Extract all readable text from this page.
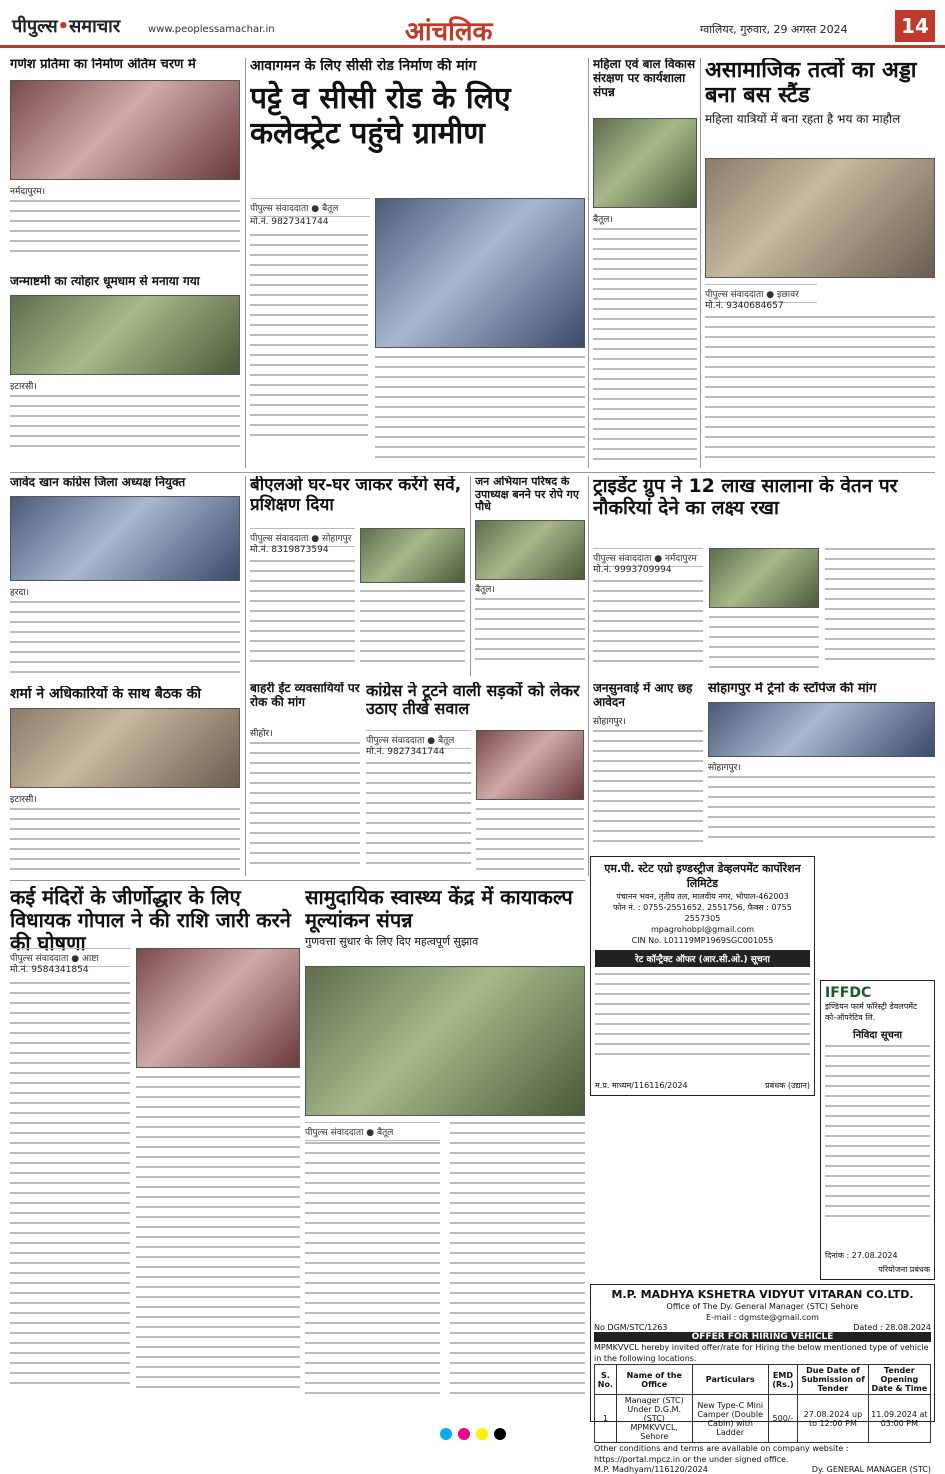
पीपुल्स•समाचार	www.peoplessamachar.in	आंचलिक	ग्वालियर, गुरुवार, 29 अगस्त 2024	14
गणेश प्रतिमा का निर्माण अंतिम चरण में
नर्मदापुरम।
जन्माष्टमी का त्योहार धूमधाम से मनाया गया
इटारसी।
आवागमन के लिए सीसी रोड निर्माण की मांग
पट्टे व सीसी रोड के लिए कलेक्ट्रेट पहुंचे ग्रामीण
पीपुल्स संवाददाता ● बैतूल
मो.नं. 9827341744
महिला एवं बाल विकास संरक्षण पर कार्यशाला संपन्न
बैतूल।
असामाजिक तत्वों का अड्डा बना बस स्टैंड
महिला यात्रियों में बना रहता है भय का माहौल
पीपुल्स संवाददाता ● इछावर
मो.नं. 9340684657
जावेद खान कांग्रेस जिला अध्यक्ष नियुक्त
हरदा।
शर्मा ने अधिकारियों के साथ बैठक की
इटारसी।
बीएलओ घर-घर जाकर करेंगे सर्वे, प्रशिक्षण दिया
पीपुल्स संवाददाता ● सोहागपुर
मो.नं. 8319873594
जन अभियान परिषद के उपाध्यक्ष बनने पर रोपे गए पौधे
बैतूल।
ट्राइडेंट ग्रुप ने 12 लाख सालाना के वेतन पर नौकरियां देने का लक्ष्य रखा
पीपुल्स संवाददाता ● नर्मदापुरम
मो.नं. 9993709994
बाहरी ईंट व्यवसायियों पर रोक की मांग
सीहोर।
कांग्रेस ने टूटने वाली सड़कों को लेकर उठाए तीखे सवाल
पीपुल्स संवाददाता ● बैतूल
मो.नं. 9827341744
जनसुनवाई में आए छह आवेदन
सोहागपुर।
सोहागपुर में ट्रेनों के स्टॉपेज की मांग
सोहागपुर।
कई मंदिरों के जीर्णोद्धार के लिए विधायक गोपाल ने की राशि जारी करने की घोषणा
पीपुल्स संवाददाता ● आष्टा
मो.नं. 9584341854
सामुदायिक स्वास्थ्य केंद्र में कायाकल्प मूल्यांकन संपन्न
गुणवत्ता सुधार के लिए दिए महत्वपूर्ण सुझाव
पीपुल्स संवाददाता ● बैतूल
एम.पी. स्टेट एग्रो इण्डस्ट्रीज डेव्हलपमेंट कार्पोरेशन लिमिटेड
पंचानन भवन, तृतीय तल, मालवीय नगर, भोपाल-462003
फोन नं. : 0755-2551652, 2551756, फैक्स : 0755 2557305
mpagrohobpl@gmail.com
CIN No. L01119MP1969SGC001055
रेट कॉन्ट्रैक्ट ऑफर (आर.सी.ओ.) सूचना
म.प्र. माध्यम/116116/2024	प्रबंधक (उद्यान)
IFFDC
इण्डियन फार्म फॉरेस्ट्री डेवलपमेंट को-ऑपरेटिव लि.
निविदा सूचना
दिनांक : 27.08.2024
परियोजना प्रबंधक
M.P. MADHYA KSHETRA VIDYUT VITARAN CO.LTD.
Office of The Dy. General Manager (STC) Sehore
E-mail : dgmste@gmail.com
No DGM/STC/1263	Dated : 28.08.2024
OFFER FOR HIRING VEHICLE
MPMKVVCL hereby invited offer/rate for Hiring the below mentioned type of vehicle in the following locations.
S. No.	Name of the Office	Particulars	EMD (Rs.)	Due Date of Submission of Tender	Tender Opening Date & Time
1	Manager (STC) Under D.G.M. (STC) MPMKVVCL, Sehore	New Type-C Mini Camper (Double Cabin) with Ladder	500/-	27.08.2024 up to 12:00 PM	11.09.2024 at 03:00 PM
Other conditions and terms are available on company website : https://portal.mpcz.in or the under signed office.
M.P. Madhyam/116120/2024	Dy. GENERAL MANAGER (STC)
